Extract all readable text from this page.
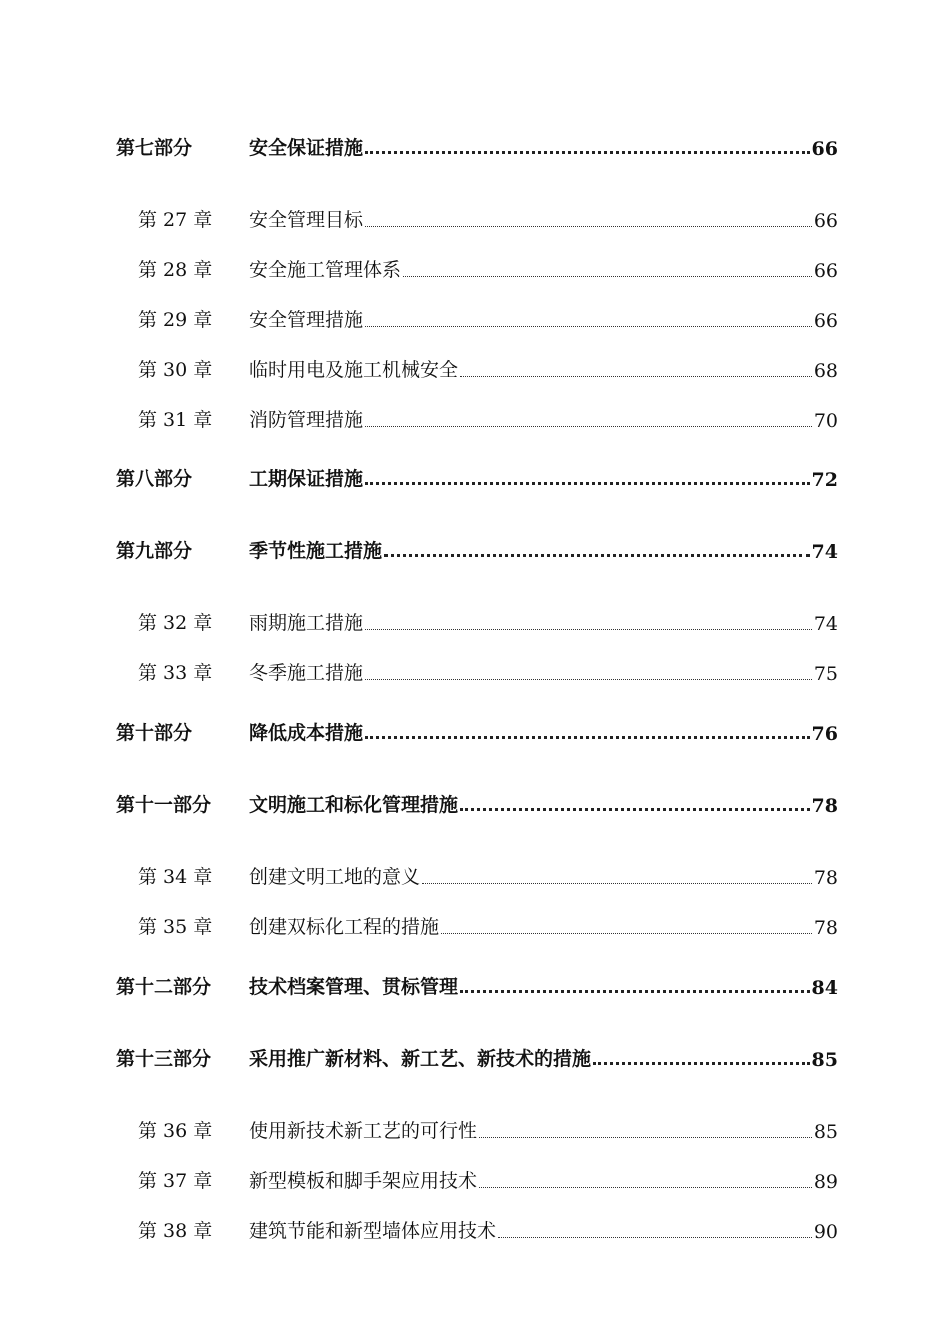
第七部分	安全保证措施	66
第 27 章	安全管理目标	66
第 28 章	安全施工管理体系	66
第 29 章	安全管理措施	66
第 30 章	临时用电及施工机械安全	68
第 31 章	消防管理措施	70
第八部分	工期保证措施	72
第九部分	季节性施工措施	74
第 32 章	雨期施工措施	74
第 33 章	冬季施工措施	75
第十部分	降低成本措施	76
第十一部分	文明施工和标化管理措施	78
第 34 章	创建文明工地的意义	78
第 35 章	创建双标化工程的措施	78
第十二部分	技术档案管理、贯标管理	84
第十三部分	采用推广新材料、新工艺、新技术的措施	85
第 36 章	使用新技术新工艺的可行性	85
第 37 章	新型模板和脚手架应用技术	89
第 38 章	建筑节能和新型墙体应用技术	90
